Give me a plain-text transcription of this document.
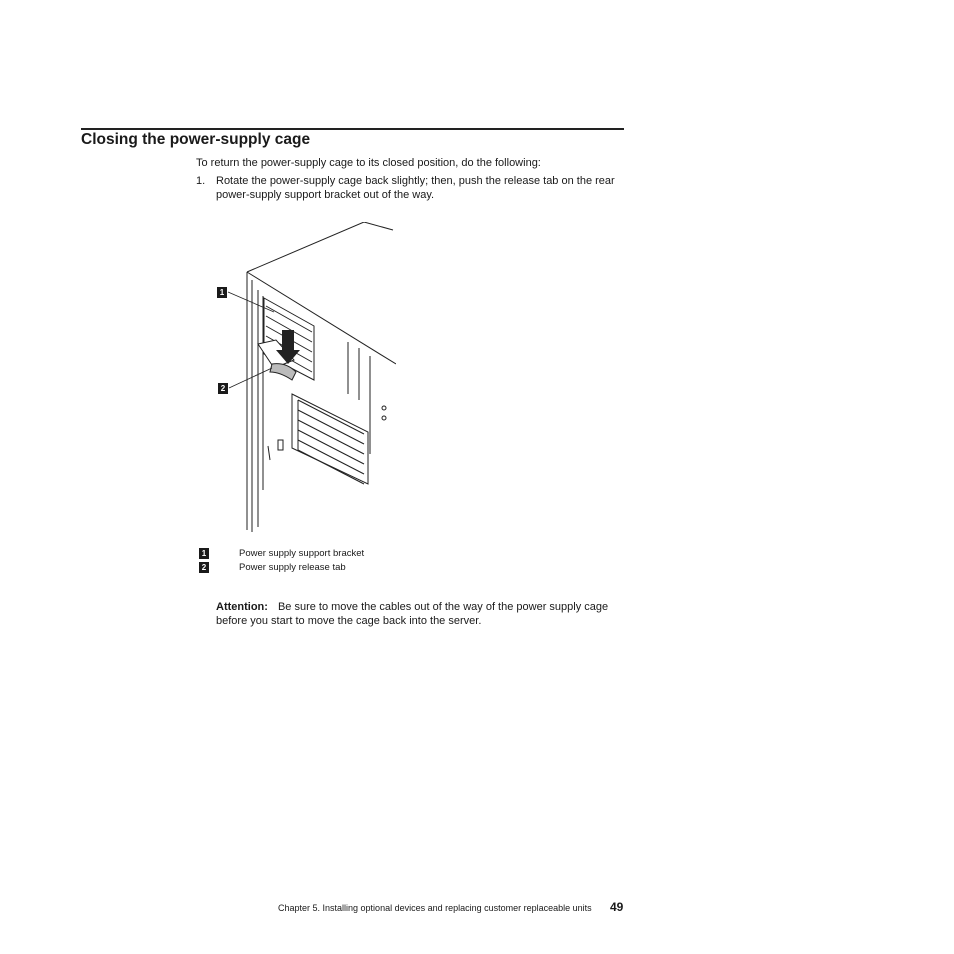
Closing the power-supply cage

To return the power-supply cage to its closed position, do the following:

1. Rotate the power-supply cage back slightly; then, push the release tab on the rear power-supply support bracket out of the way.
1
2
1	Power supply support bracket
2	Power supply release tab

Attention: Be sure to move the cables out of the way of the power supply cage before you start to move the cage back into the server.

Chapter 5. Installing optional devices and replacing customer replaceable units 49
